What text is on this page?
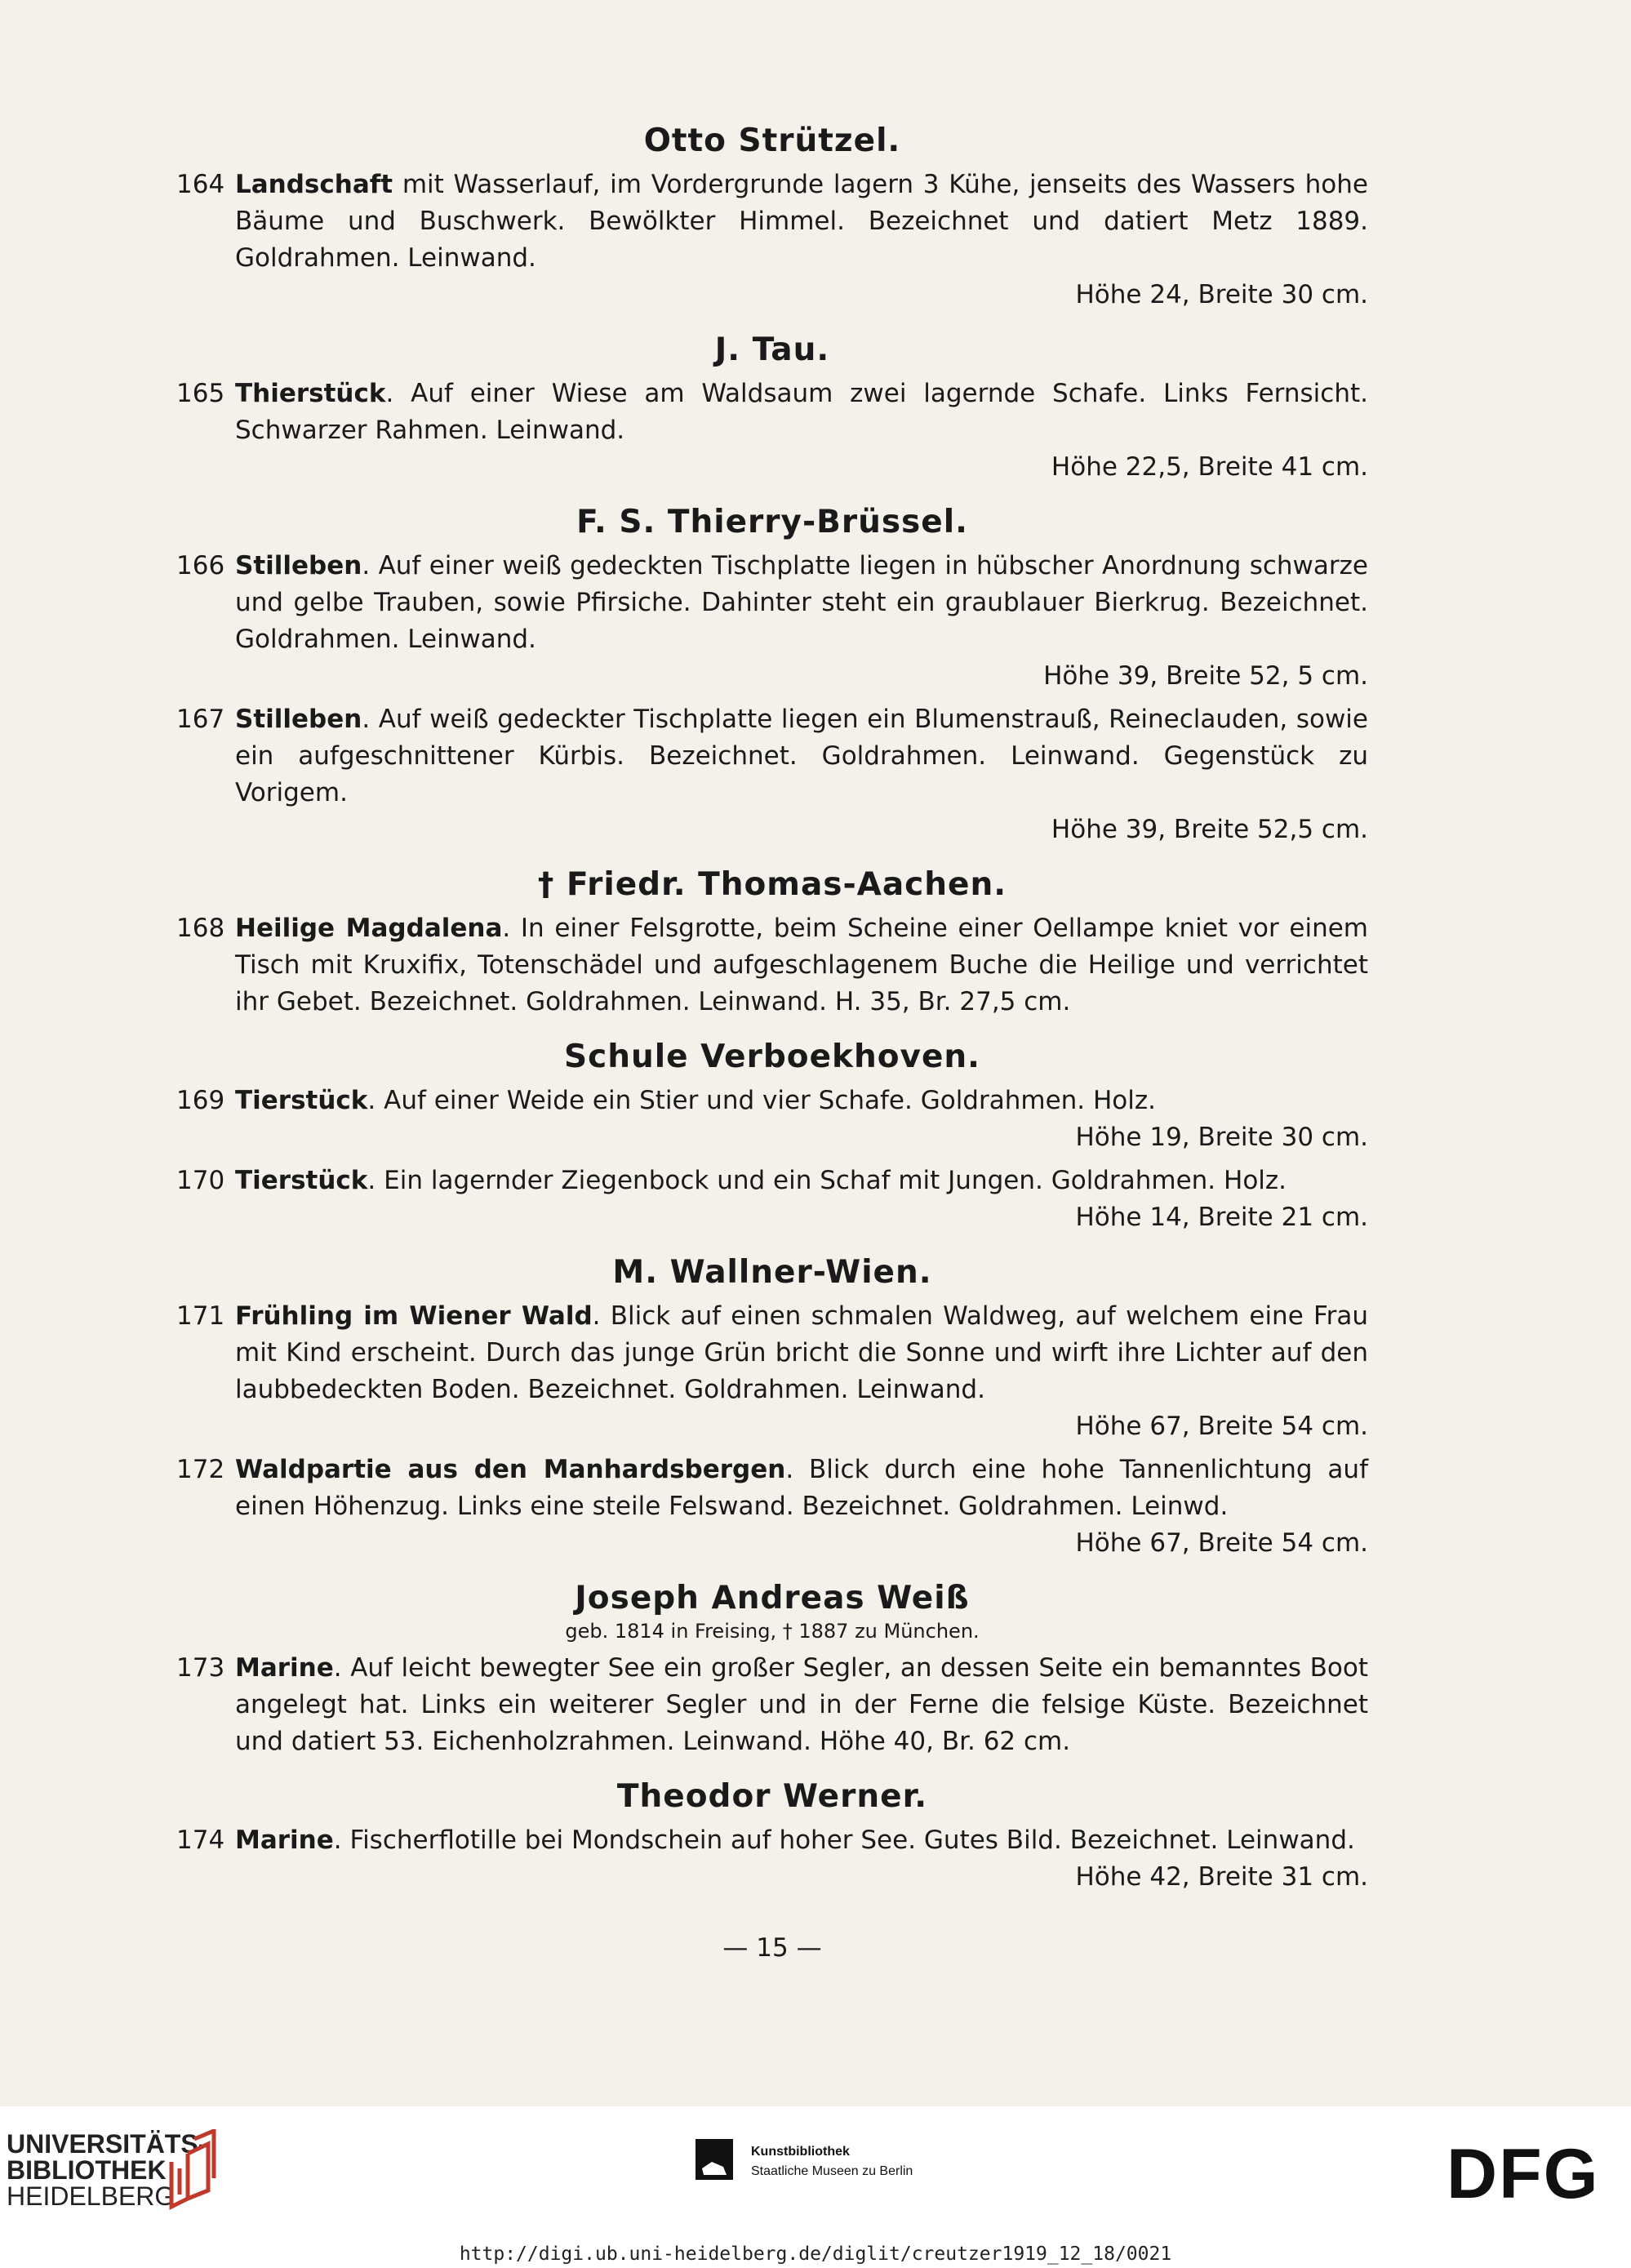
Otto Strützel.
164 Landschaft mit Wasserlauf, im Vordergrunde lagern 3 Kühe, jenseits des Wassers hohe Bäume und Buschwerk. Bewölkter Himmel. Bezeichnet und datiert Metz 1889. Goldrahmen. Leinwand.
Höhe 24, Breite 30 cm.
J. Tau.
165 Thierstück. Auf einer Wiese am Waldsaum zwei lagernde Schafe. Links Fernsicht. Schwarzer Rahmen. Leinwand.
Höhe 22,5, Breite 41 cm.
F. S. Thierry-Brüssel.
166 Stilleben. Auf einer weiß gedeckten Tischplatte liegen in hübscher Anordnung schwarze und gelbe Trauben, sowie Pfirsiche. Dahinter steht ein graublauer Bierkrug. Bezeichnet. Goldrahmen. Leinwand.
Höhe 39, Breite 52, 5 cm.
167 Stilleben. Auf weiß gedeckter Tischplatte liegen ein Blumenstrauß, Reineclauden, sowie ein aufgeschnittener Kürbis. Bezeichnet. Goldrahmen. Leinwand. Gegenstück zu Vorigem.
Höhe 39, Breite 52,5 cm.
† Friedr. Thomas-Aachen.
168 Heilige Magdalena. In einer Felsgrotte, beim Scheine einer Oellampe kniet vor einem Tisch mit Kruxifix, Totenschädel und aufgeschlagenem Buche die Heilige und verrichtet ihr Gebet. Bezeichnet. Goldrahmen. Leinwand. H. 35, Br. 27,5 cm.
Schule Verboekhoven.
169 Tierstück. Auf einer Weide ein Stier und vier Schafe. Goldrahmen. Holz.
Höhe 19, Breite 30 cm.
170 Tierstück. Ein lagernder Ziegenbock und ein Schaf mit Jungen. Goldrahmen. Holz.
Höhe 14, Breite 21 cm.
M. Wallner-Wien.
171 Frühling im Wiener Wald. Blick auf einen schmalen Waldweg, auf welchem eine Frau mit Kind erscheint. Durch das junge Grün bricht die Sonne und wirft ihre Lichter auf den laubbedeckten Boden. Bezeichnet. Goldrahmen. Leinwand.
Höhe 67, Breite 54 cm.
172 Waldpartie aus den Manhardsbergen. Blick durch eine hohe Tannenlichtung auf einen Höhenzug. Links eine steile Felswand. Bezeichnet. Goldrahmen. Leinwd.
Höhe 67, Breite 54 cm.
Joseph Andreas Weiß
geb. 1814 in Freising, † 1887 zu München.
173 Marine. Auf leicht bewegter See ein großer Segler, an dessen Seite ein bemanntes Boot angelegt hat. Links ein weiterer Segler und in der Ferne die felsige Küste. Bezeichnet und datiert 53. Eichenholzrahmen. Leinwand. Höhe 40, Br. 62 cm.
Theodor Werner.
174 Marine. Fischerflotille bei Mondschein auf hoher See. Gutes Bild. Bezeichnet. Leinwand.
Höhe 42, Breite 31 cm.
— 15 —
UNIVERSITÄTS-
BIBLIOTHEK
HEIDELBERG
Kunstbibliothek
Staatliche Museen zu Berlin	DFG
http://digi.ub.uni-heidelberg.de/diglit/creutzer1919_12_18/0021
